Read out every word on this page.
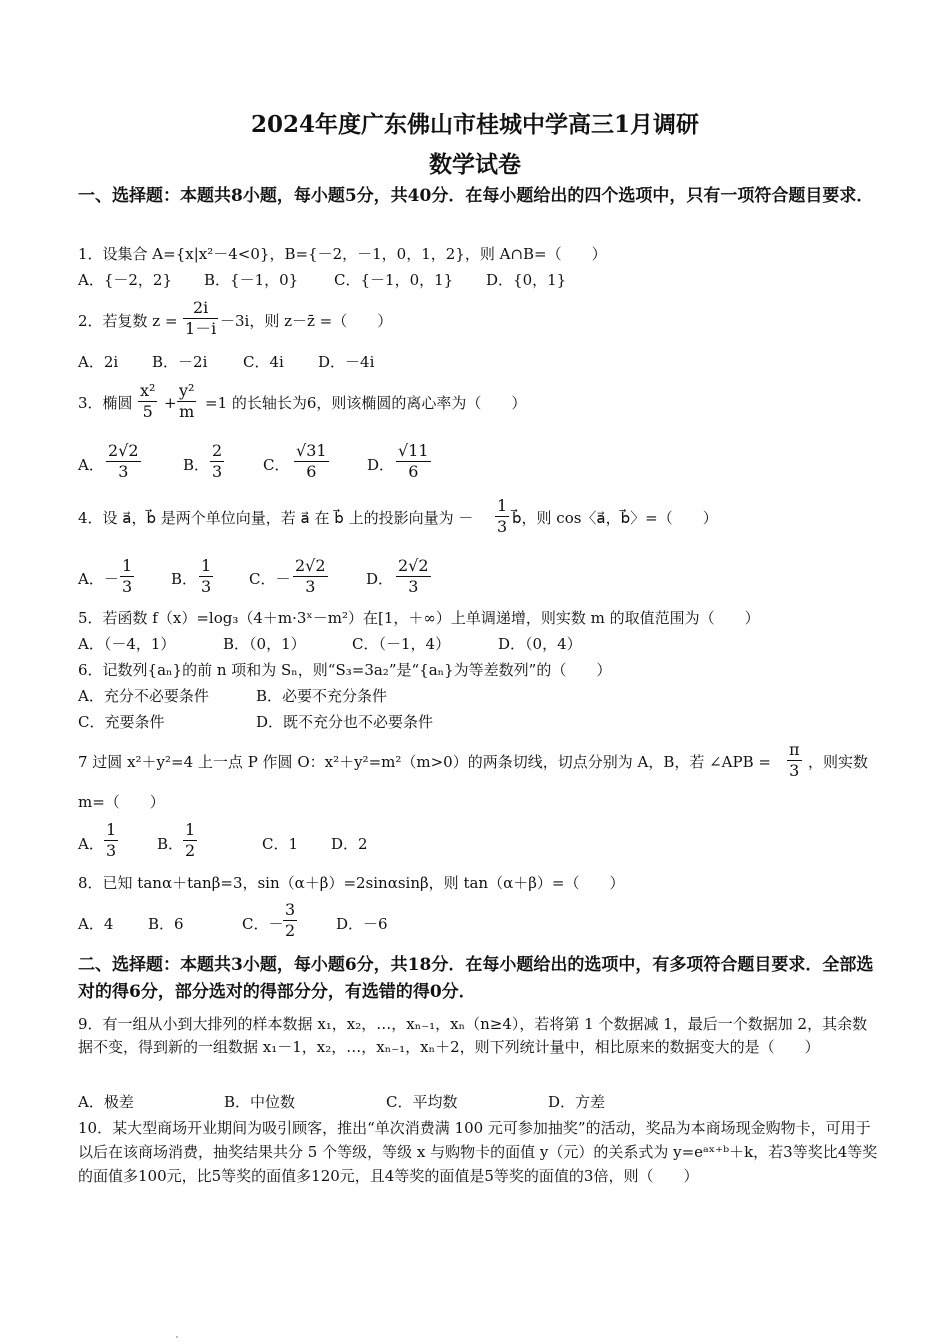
2024年度广东佛山市桂城中学高三1月调研
数学试卷
一、选择题：本题共8小题，每小题5分，共40分．在每小题给出的四个选项中，只有一项符合题目要求．
1．设集合 A={x|x²－4<0}，B={－2，－1，0，1，2}，则 A∩B=（　　）
A．{－2，2} B．{－1，0} C．{－1，0，1} D．{0，1}
2．若复数 $z = \frac{2i}{1-i} -3i$，则 z－z̄ =（　　）
A．2i B．－2i C．4i D．－4i
3．椭圆 $\frac{\text{x²}}{5} + \frac{\text{y²}}{m} =1$ 的长轴长为6，则该椭圆的离心率为（　　）
A． $\frac{2√2}{3}$	B． $\frac{2}{3}$	C． $\frac{√31}{6}$	D． $\frac{√11}{6}$
4．设 a⃗，b⃗ 是两个单位向量，若 a⃗ 在 b⃗ 上的投影向量为 － $\frac{1}{3}$ b⃗，则 cos〈a⃗，b⃗〉=（　　）
A．－ $\frac{1}{3}$ B． $\frac{1}{3}$ C．－ $\frac{2√2}{3}$	D． $\frac{2√2}{3}$
5．若函数 f（x）=log₃（4＋m·3ˣ－m²）在[1，＋∞）上单调递增，则实数 m 的取值范围为（　　）
A．（－4，1）	B．（0，1）	C．（－1，4）	D．（0，4）
6．记数列{aₙ}的前 n 项和为 Sₙ，则“S₃=3a₂”是“{aₙ}为等差数列”的（　　）
A．充分不必要条件	B．必要不充分条件
C．充要条件	D．既不充分也不必要条件
7 过圆 x²＋y²=4 上一点 P 作圆 O：x²＋y²=m²（m>0）的两条切线，切点分别为 A，B，若 ∠APB = $\frac{\pi}{3}$ ，则实数
m=（　　）
A． $\frac{1}{3}$	B． $\frac{1}{2}$	C．1 D．2
8．已知 tanα＋tanβ=3，sin（α＋β）=2sinαsinβ，则 tan（α＋β）=（　　）
A．4 B．6	C．－ $\frac{3}{2}$	D．－6
二、选择题：本题共3小题，每小题6分，共18分．在每小题给出的选项中，有多项符合题目要求．全部选对的得6分，部分选对的得部分分，有选错的得0分．
9．有一组从小到大排列的样本数据 x₁，x₂，…，xₙ₋₁，xₙ（n≥4），若将第 1 个数据减 1，最后一个数据加 2，其余数据不变，得到新的一组数据 x₁－1，x₂，…，xₙ₋₁，xₙ＋2，则下列统计量中，相比原来的数据变大的是（　　）
A．极差	B．中位数	C．平均数	D．方差
10．某大型商场开业期间为吸引顾客，推出“单次消费满 100 元可参加抽奖”的活动，奖品为本商场现金购物卡，可用于以后在该商场消费，抽奖结果共分 5 个等级，等级 x 与购物卡的面值 y（元）的关系式为 y=eᵃˣ⁺ᵇ＋k，若3等奖比4等奖的面值多100元，比5等奖的面值多120元，且4等奖的面值是5等奖的面值的3倍，则（　　）
